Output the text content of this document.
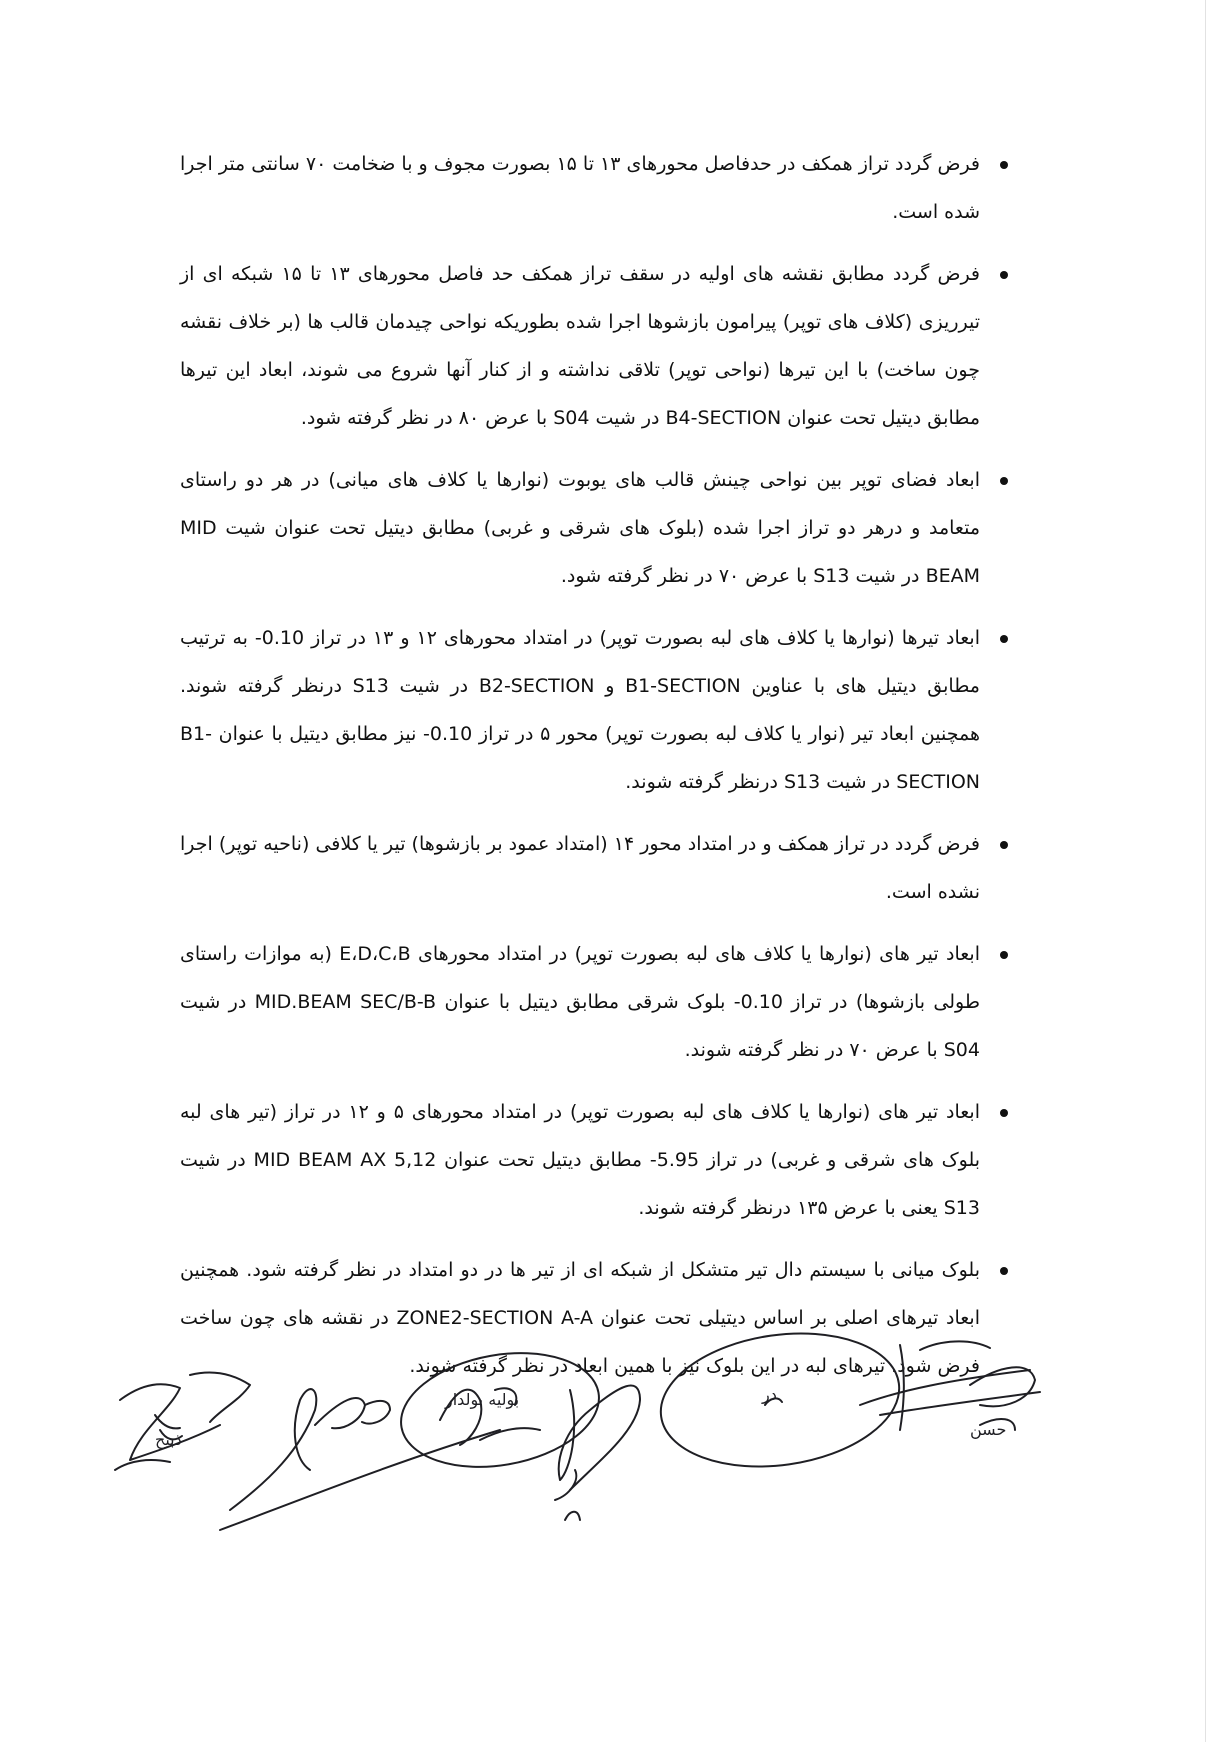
فرض گردد تراز همکف در حدفاصل محورهای ۱۳ تا ۱۵ بصورت مجوف و با ضخامت ۷۰ سانتی متر اجرا شده است.
فرض گردد مطابق نقشه های اولیه در سقف تراز همکف حد فاصل محورهای ۱۳ تا ۱۵ شبکه ای از تیرریزی (کلاف های توپر) پیرامون بازشوها اجرا شده بطوریکه نواحی چیدمان قالب ها (بر خلاف نقشه چون ساخت) با این تیرها (نواحی توپر) تلاقی نداشته و از کنار آنها شروع می شوند، ابعاد این تیرها مطابق دیتیل تحت عنوان B4-SECTION در شیت S04 با عرض ۸۰ در نظر گرفته شود.
ابعاد فضای توپر بین نواحی چینش قالب های یوبوت (نوارها یا کلاف های میانی) در هر دو راستای متعامد و درهر دو تراز اجرا شده (بلوک های شرقی و غربی) مطابق دیتیل تحت عنوان شیت MID BEAM در شیت S13 با عرض ۷۰ در نظر گرفته شود.
ابعاد تیرها (نوارها یا کلاف های لبه بصورت توپر) در امتداد محورهای ۱۲ و ۱۳ در تراز 0.10- به ترتیب مطابق دیتیل های با عناوین B1-SECTION و B2-SECTION در شیت S13 درنظر گرفته شوند. همچنین ابعاد تیر (نوار یا کلاف لبه بصورت توپر) محور ۵ در تراز 0.10- نیز مطابق دیتیل با عنوان B1-SECTION در شیت S13 درنظر گرفته شوند.
فرض گردد در تراز همکف و در امتداد محور ۱۴ (امتداد عمود بر بازشوها) تیر یا کلافی (ناحیه توپر) اجرا نشده است.
ابعاد تیر های (نوارها یا کلاف های لبه بصورت توپر) در امتداد محورهای E،D،C،B (به موازات راستای طولی بازشوها) در تراز 0.10- بلوک شرقی مطابق دیتیل با عنوان MID.BEAM SEC/B-B در شیت S04 با عرض ۷۰ در نظر گرفته شوند.
ابعاد تیر های (نوارها یا کلاف های لبه بصورت توپر) در امتداد محورهای ۵ و ۱۲ در تراز (تیر های لبه بلوک های شرقی و غربی) در تراز 5.95- مطابق دیتیل تحت عنوان MID BEAM AX 5,12 در شیت S13 یعنی با عرض ۱۳۵ درنظر گرفته شوند.
بلوک میانی با سیستم دال تیر متشکل از شبکه ای از تیر ها در دو امتداد در نظر گرفته شود. همچنین ابعاد تیرهای اصلی بر اساس دیتیلی تحت عنوان ZONE2-SECTION A-A در نقشه های چون ساخت فرض شود. تیرهای لبه در این بلوک نیز با همین ابعاد در نظر گرفته شوند.
ذبیح
بولیه بولدار	در
حسن
